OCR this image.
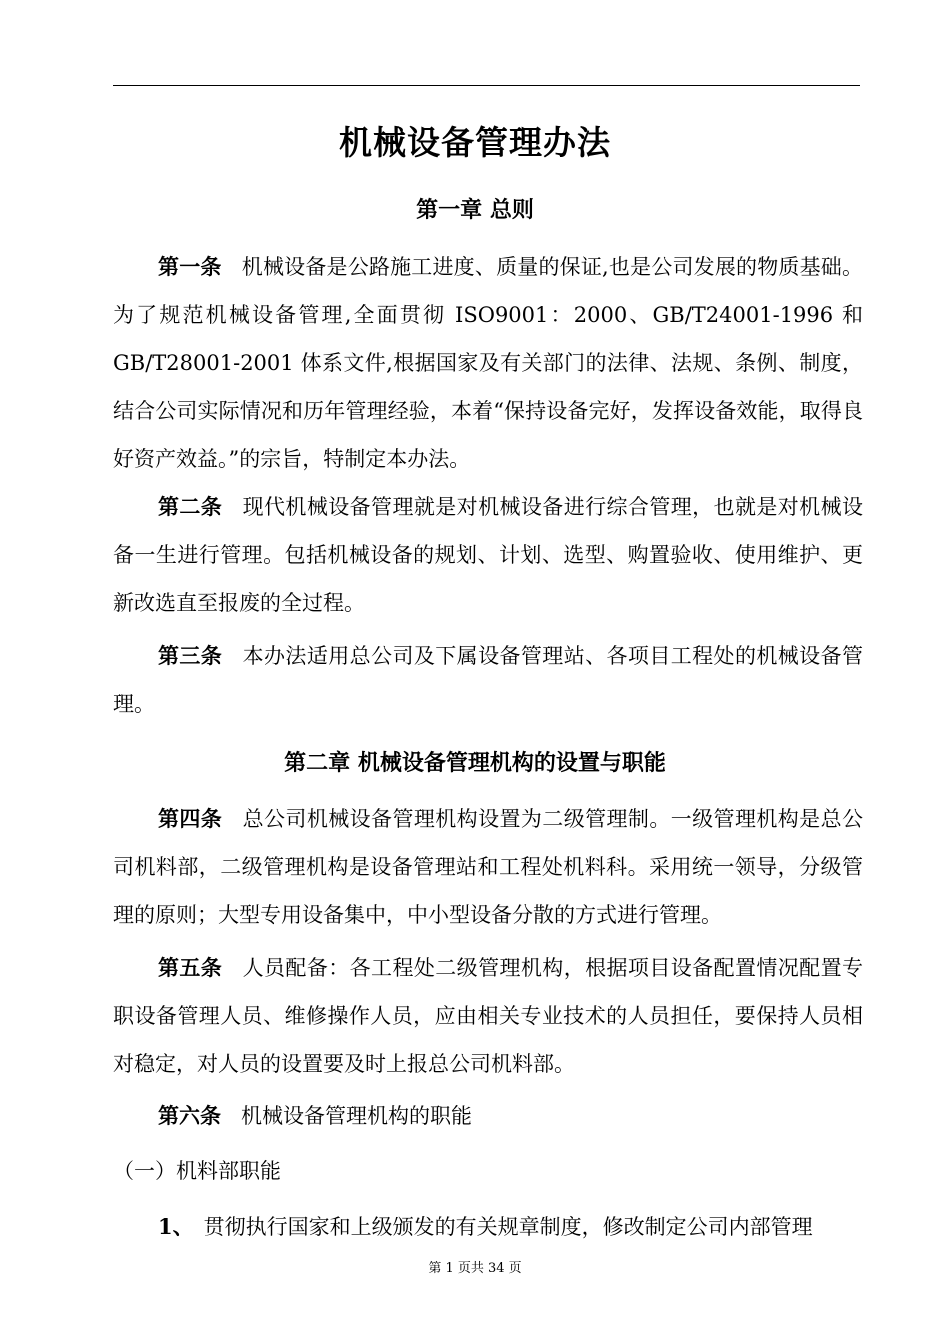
机械设备管理办法
第一章 总则
第一条 机械设备是公路施工进度、质量的保证,也是公司发展的物质基础。为了规范机械设备管理,全面贯彻 ISO9001：2000、GB/T24001-1996 和 GB/T28001-2001 体系文件,根据国家及有关部门的法律、法规、条例、制度，结合公司实际情况和历年管理经验，本着“保持设备完好，发挥设备效能，取得良好资产效益。”的宗旨，特制定本办法。
第二条 现代机械设备管理就是对机械设备进行综合管理，也就是对机械设备一生进行管理。包括机械设备的规划、计划、选型、购置验收、使用维护、更新改选直至报废的全过程。
第三条 本办法适用总公司及下属设备管理站、各项目工程处的机械设备管理。
第二章 机械设备管理机构的设置与职能
第四条 总公司机械设备管理机构设置为二级管理制。一级管理机构是总公司机料部，二级管理机构是设备管理站和工程处机料科。采用统一领导，分级管理的原则；大型专用设备集中，中小型设备分散的方式进行管理。
第五条 人员配备：各工程处二级管理机构，根据项目设备配置情况配置专职设备管理人员、维修操作人员，应由相关专业技术的人员担任，要保持人员相对稳定，对人员的设置要及时上报总公司机料部。
第六条 机械设备管理机构的职能
（一）机料部职能
1、 贯彻执行国家和上级颁发的有关规章制度，修改制定公司内部管理
第 1 页共 34 页
